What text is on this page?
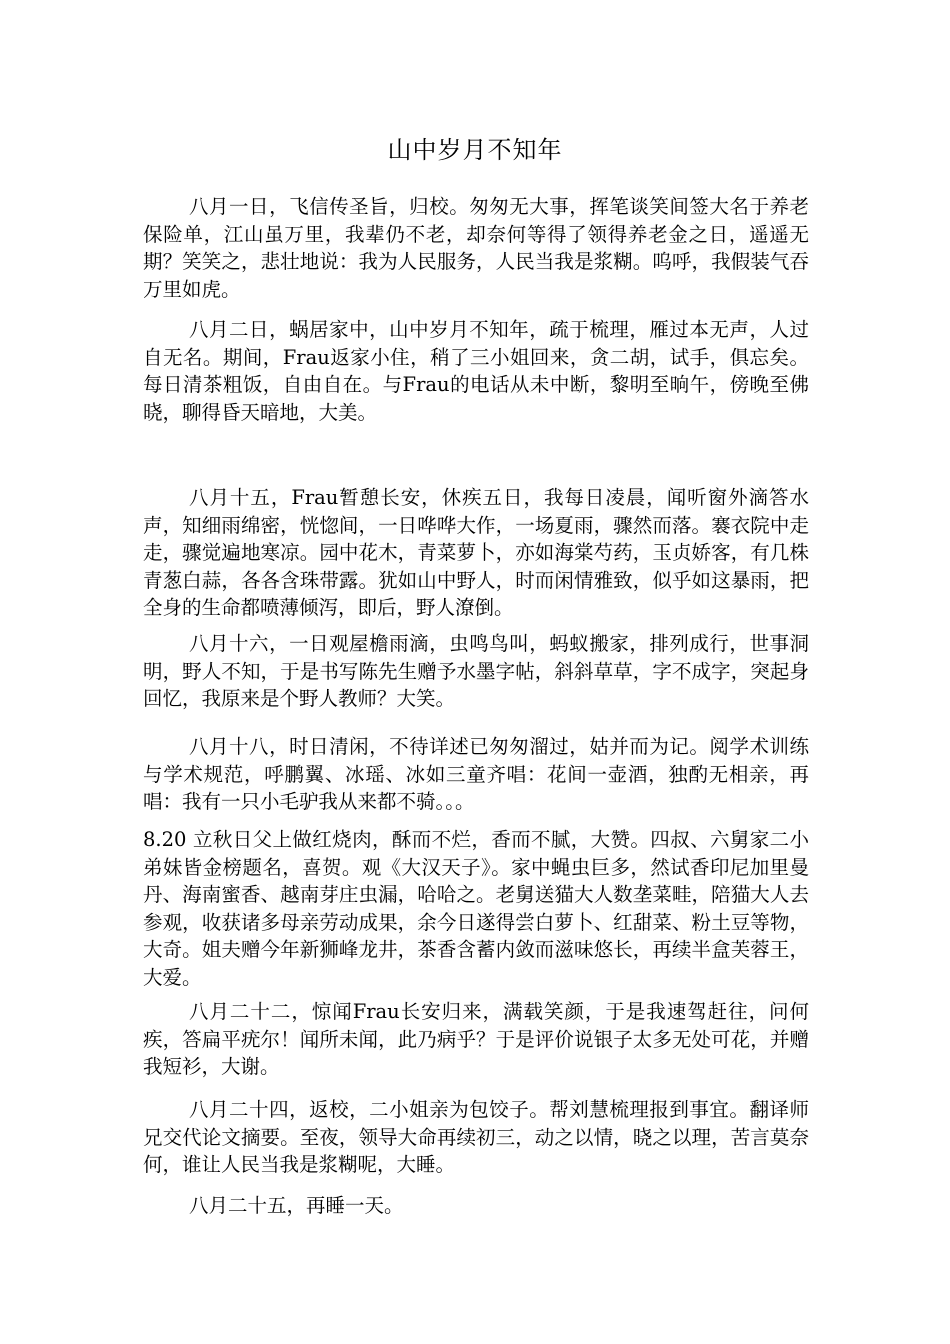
山中岁月不知年

八月一日，飞信传圣旨，归校。匆匆无大事，挥笔谈笑间签大名于养老保险单，江山虽万里，我辈仍不老，却奈何等得了领得养老金之日，遥遥无期？笑笑之，悲壮地说：我为人民服务，人民当我是浆糊。呜呼，我假装气吞万里如虎。

八月二日，蜗居家中，山中岁月不知年，疏于梳理，雁过本无声，人过自无名。期间，Frau返家小住，稍了三小姐回来，贪二胡，试手，俱忘矣。每日清茶粗饭，自由自在。与Frau的电话从未中断，黎明至晌午，傍晚至佛晓，聊得昏天暗地，大美。

八月十五，Frau暂憩长安，休疾五日，我每日凌晨，闻听窗外滴答水声，知细雨绵密，恍惚间，一日哗哗大作，一场夏雨，骤然而落。褰衣院中走走，骤觉遍地寒凉。园中花木，青菜萝卜，亦如海棠芍药，玉贞娇客，有几株青葱白蒜，各各含珠带露。犹如山中野人，时而闲情雅致，似乎如这暴雨，把全身的生命都喷薄倾泻，即后，野人潦倒。

八月十六，一日观屋檐雨滴，虫鸣鸟叫，蚂蚁搬家，排列成行，世事洞明，野人不知，于是书写陈先生赠予水墨字帖，斜斜草草，字不成字，突起身回忆，我原来是个野人教师？大笑。

八月十八，时日清闲，不待详述已匆匆溜过，姑并而为记。阅学术训练与学术规范，呼鹏翼、冰瑶、冰如三童齐唱：花间一壶酒，独酌无相亲，再唱：我有一只小毛驴我从来都不骑。。。

8.20 立秋日父上做红烧肉，酥而不烂，香而不腻，大赞。四叔、六舅家二小弟妹皆金榜题名，喜贺。观《大汉天子》。家中蝇虫巨多，然试香印尼加里曼丹、海南蜜香、越南芽庄虫漏，哈哈之。老舅送猫大人数垄菜畦，陪猫大人去参观，收获诸多母亲劳动成果，余今日遂得尝白萝卜、红甜菜、粉土豆等物，大奇。姐夫赠今年新狮峰龙井，茶香含蓄内敛而滋味悠长，再续半盒芙蓉王，大爱。

八月二十二，惊闻Frau长安归来，满载笑颜，于是我速驾赶往，问何疾，答扁平疣尔！闻所未闻，此乃病乎？于是评价说银子太多无处可花，并赠我短衫，大谢。

八月二十四，返校，二小姐亲为包饺子。帮刘慧梳理报到事宜。翻译师兄交代论文摘要。至夜，领导大命再续初三，动之以情，晓之以理，苦言莫奈何，谁让人民当我是浆糊呢，大睡。

八月二十五，再睡一天。
